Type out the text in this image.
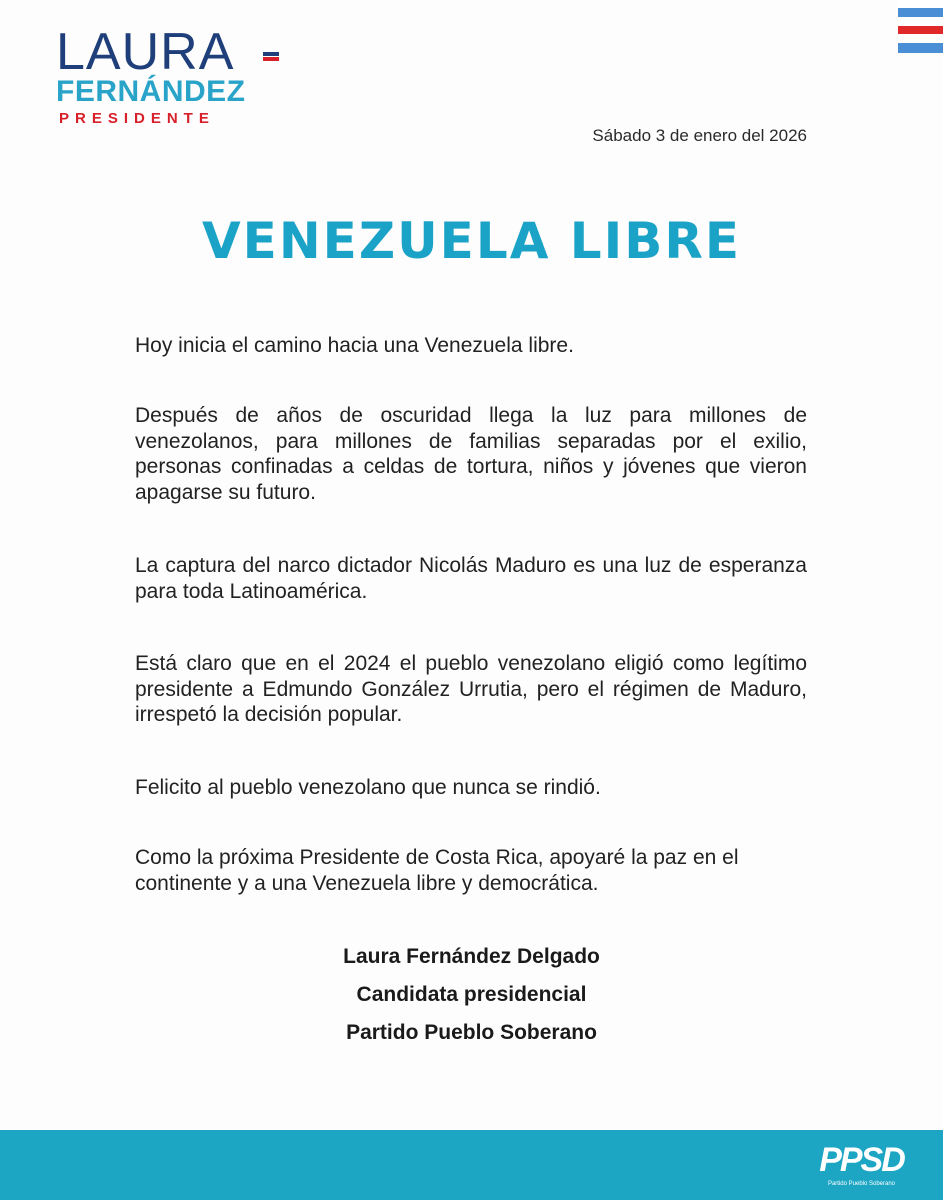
LAURA
FERNÁNDEZ
PRESIDENTE
Sábado 3 de enero del 2026
VENEZUELA LIBRE

Hoy inicia el camino hacia una Venezuela libre.

Después de años de oscuridad llega la luz para millones de venezolanos, para millones de familias separadas por el exilio, personas confinadas a celdas de tortura, niños y jóvenes que vieron apagarse su futuro.

La captura del narco dictador Nicolás Maduro es una luz de esperanza para toda Latinoamérica.

Está claro que en el 2024 el pueblo venezolano eligió como legítimo presidente a Edmundo González Urrutia, pero el régimen de Maduro, irrespetó la decisión popular.

Felicito al pueblo venezolano que nunca se rindió.

Como la próxima Presidente de Costa Rica, apoyaré la paz en el continente y a una Venezuela libre y democrática.

Laura Fernández Delgado
Candidata presidencial
Partido Pueblo Soberano
PPSD
Partido Pueblo Soberano
